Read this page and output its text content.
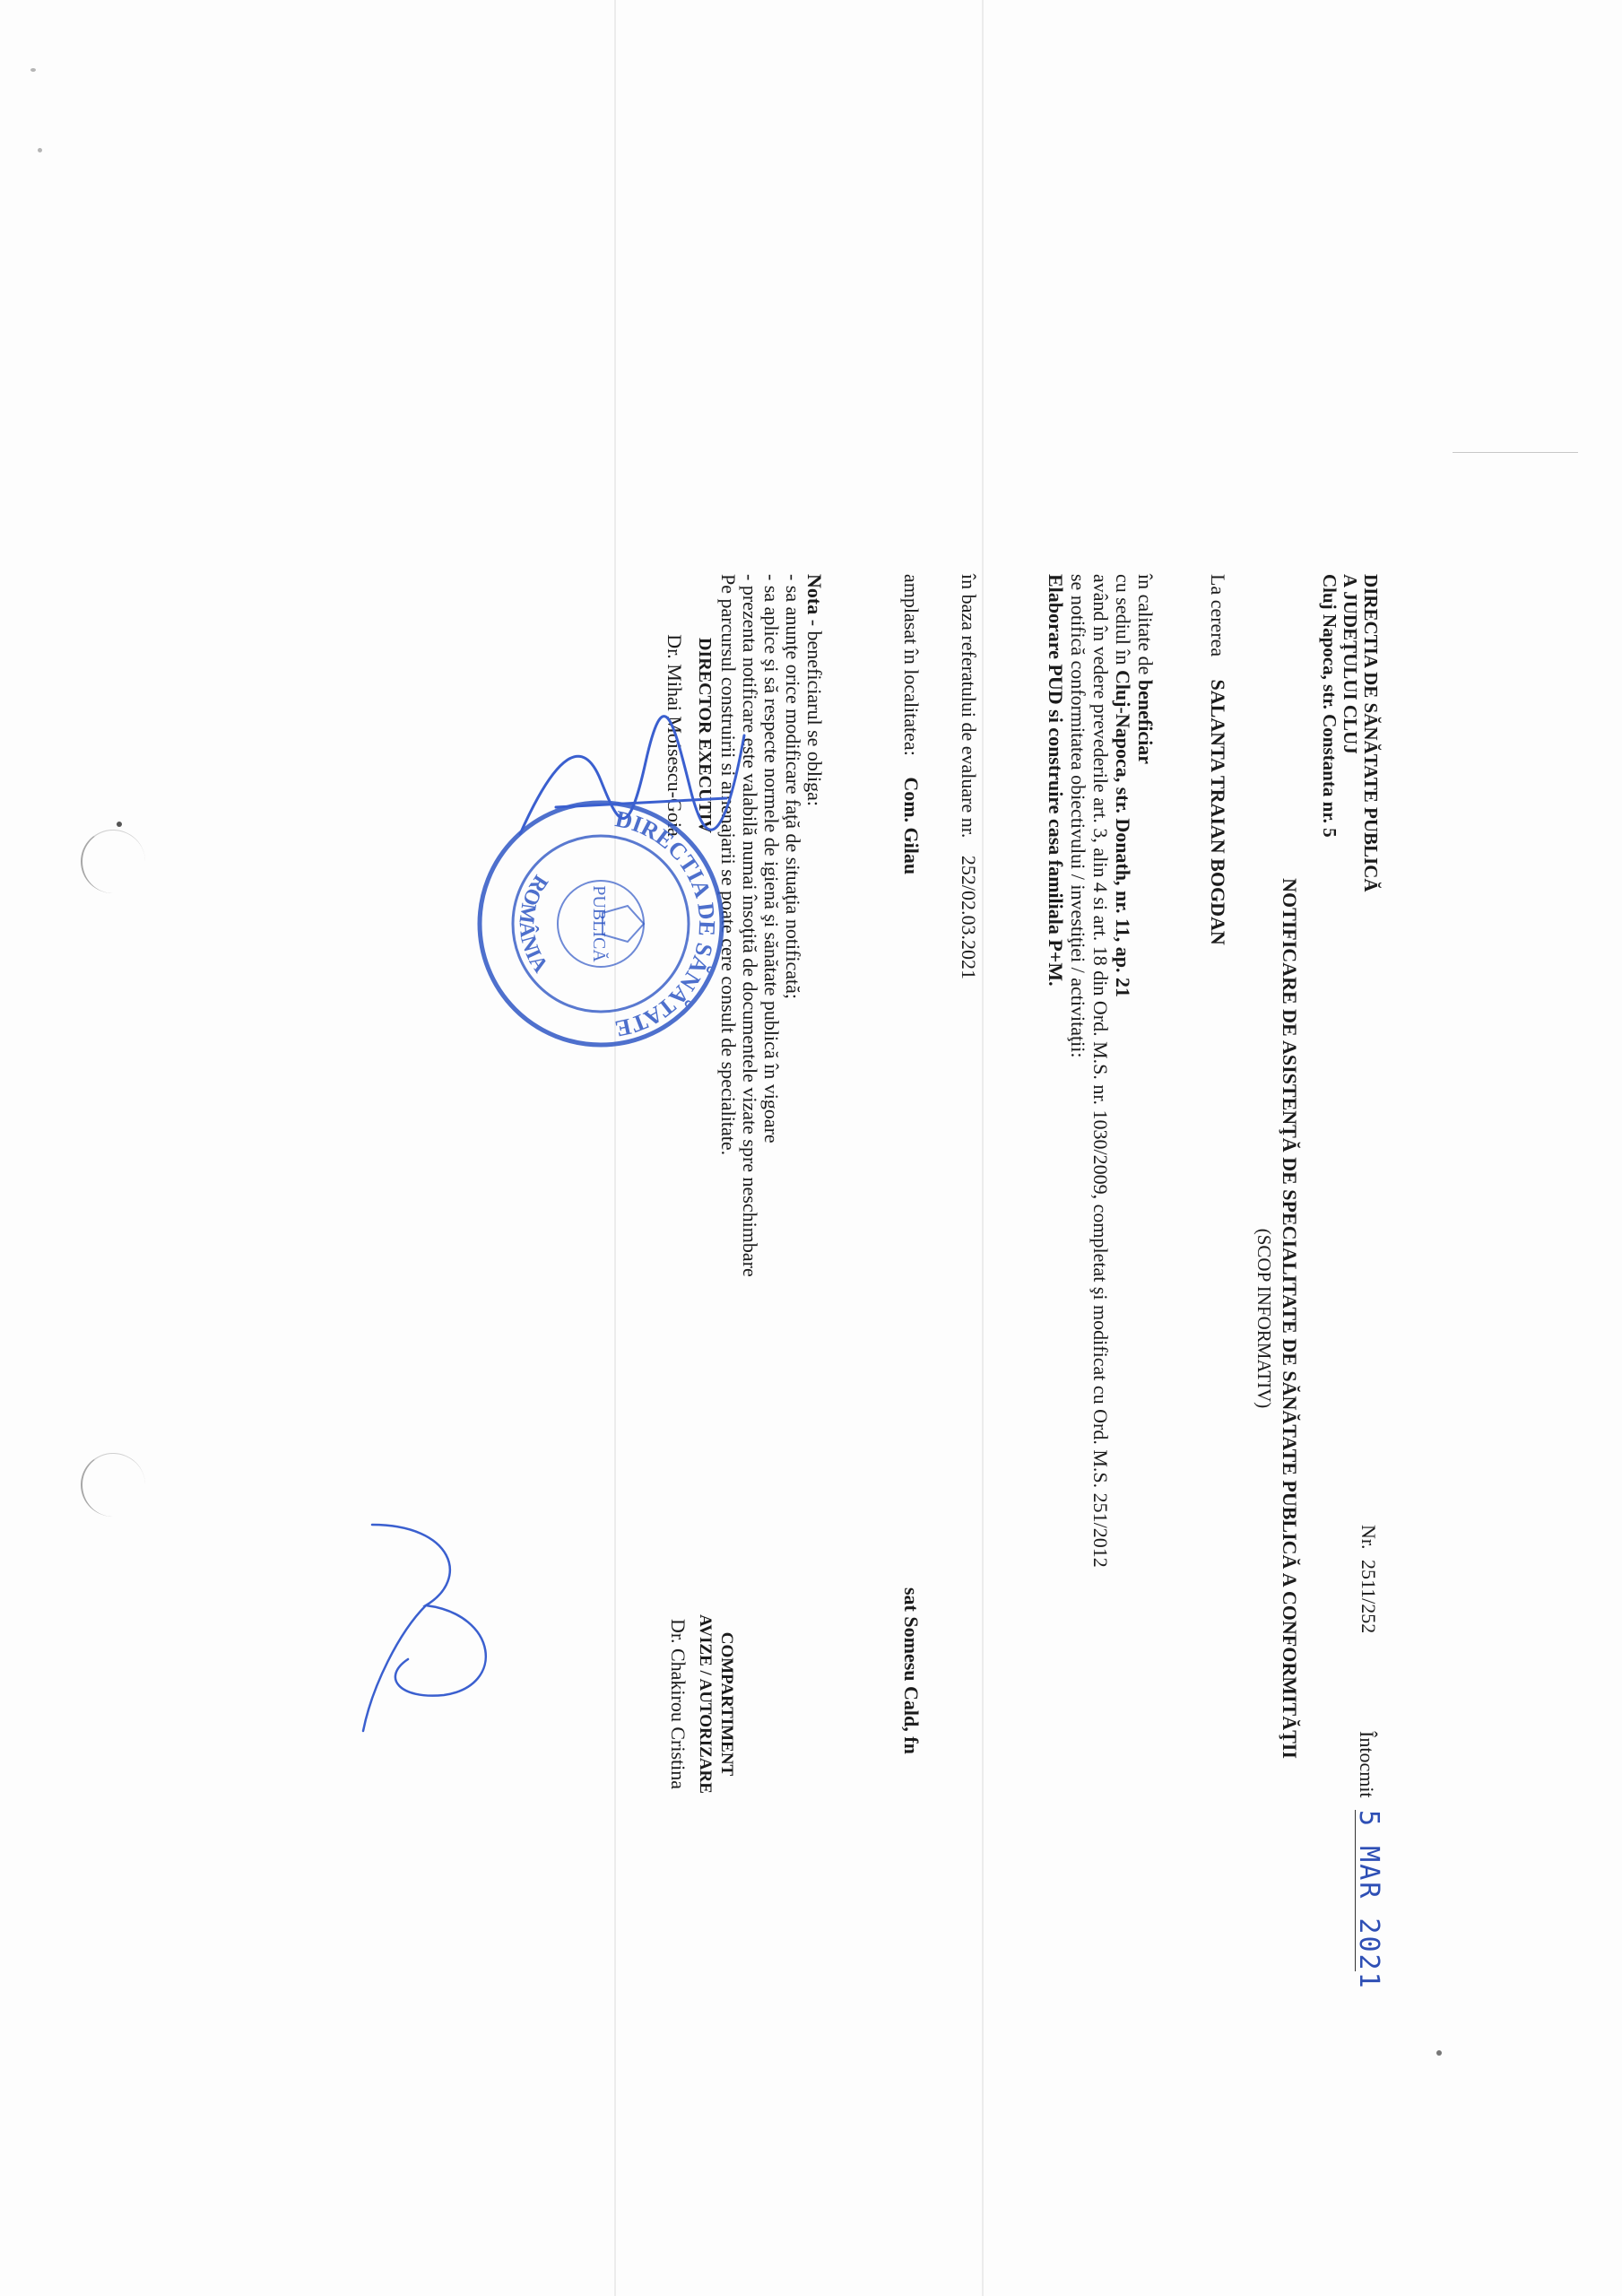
DIRECTIA DE SĂNĂTATE PUBLICĂ
A JUDEŢULUI CLUJ
Cluj Napoca, str. Constanta nr. 5
Nr. 2511/252
Întocmit 5 MAR 2021
NOTIFICARE DE ASISTENŢĂ DE SPECIALITATE DE SĂNĂTATE PUBLICĂ A CONFORMITĂŢII
(SCOP INFORMATIV)
La cererea SALANTA TRAIAN BOGDAN
în calitate de beneficiar
cu sediul în Cluj-Napoca, str. Donath, nr. 11, ap. 21
având în vedere prevederile art. 3, alin 4 si art. 18 din Ord. M.S. nr. 1030/2009, completat şi modificat cu Ord. M.S. 251/2012
se notifică conformitatea obiectivului / investiţiei / activitaţii:
Elaborare PUD si construire casa familiala P+M.
în baza referatului de evaluare nr. 252/02.03.2021
amplasat în localitatea: Com. Gilau
sat Somesu Cald, fn
Nota - beneficiarul se obliga:
- sa anunţe orice modificare faţă de situaţia notificată;
- sa aplice şi să respecte normele de igienă şi sănătate publică în vigoare
- prezenta notificare este valabilă numai însoţită de documentele vizate spre neschimbare
Pe parcursul construirii si amenajarii se poate cere consult de specialitate.
DIRECTOR EXECUTIV
Dr. Mihai Moisescu-Goia
COMPARTIMENT
AVIZE / AUTORIZARE
Dr. Chakirou Cristina
DIRECTIA DE SĂNĂTATE
ROMÂNIA
PUBLICĂ
